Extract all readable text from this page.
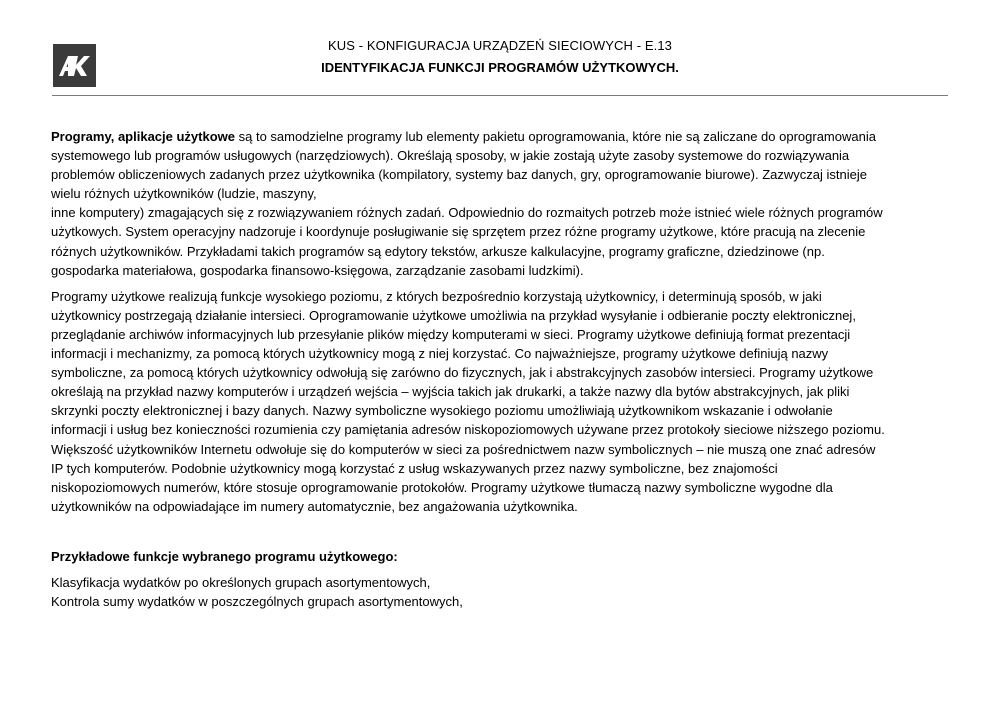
KUS - KONFIGURACJA URZĄDZEŃ SIECIOWYCH - E.13
IDENTYFIKACJA FUNKCJI PROGRAMÓW UŻYTKOWYCH.

Programy, aplikacje użytkowe są to samodzielne programy lub elementy pakietu oprogramowania, które nie są zaliczane do oprogramowania
systemowego lub programów usługowych (narzędziowych). Określają sposoby, w jakie zostają użyte zasoby systemowe do rozwiązywania
problemów obliczeniowych zadanych przez użytkownika (kompilatory, systemy baz danych, gry, oprogramowanie biurowe). Zazwyczaj istnieje
wielu różnych użytkowników (ludzie, maszyny,
inne komputery) zmagających się z rozwiązywaniem różnych zadań. Odpowiednio do rozmaitych potrzeb może istnieć wiele różnych programów
użytkowych. System operacyjny nadzoruje i koordynuje posługiwanie się sprzętem przez różne programy użytkowe, które pracują na zlecenie
różnych użytkowników. Przykładami takich programów są edytory tekstów, arkusze kalkulacyjne, programy graficzne, dziedzinowe (np.
gospodarka materiałowa, gospodarka finansowo-księgowa, zarządzanie zasobami ludzkimi).

Programy użytkowe realizują funkcje wysokiego poziomu, z których bezpośrednio korzystają użytkownicy, i determinują sposób, w jaki
użytkownicy postrzegają działanie intersieci. Oprogramowanie użytkowe umożliwia na przykład wysyłanie i odbieranie poczty elektronicznej,
przeglądanie archiwów informacyjnych lub przesyłanie plików między komputerami w sieci. Programy użytkowe definiują format prezentacji
informacji i mechanizmy, za pomocą których użytkownicy mogą z niej korzystać. Co najważniejsze, programy użytkowe definiują nazwy
symboliczne, za pomocą których użytkownicy odwołują się zarówno do fizycznych, jak i abstrakcyjnych zasobów intersieci. Programy użytkowe
określają na przykład nazwy komputerów i urządzeń wejścia – wyjścia takich jak drukarki, a także nazwy dla bytów abstrakcyjnych, jak pliki
skrzynki poczty elektronicznej i bazy danych. Nazwy symboliczne wysokiego poziomu umożliwiają użytkownikom wskazanie i odwołanie
informacji i usług bez konieczności rozumienia czy pamiętania adresów niskopoziomowych używane przez protokoły sieciowe niższego poziomu.
Większość użytkowników Internetu odwołuje się do komputerów w sieci za pośrednictwem nazw symbolicznych – nie muszą one znać adresów
IP tych komputerów. Podobnie użytkownicy mogą korzystać z usług wskazywanych przez nazwy symboliczne, bez znajomości
niskopoziomowych numerów, które stosuje oprogramowanie protokołów. Programy użytkowe tłumaczą nazwy symboliczne wygodne dla
użytkowników na odpowiadające im numery automatycznie, bez angażowania użytkownika.

Przykładowe funkcje wybranego programu użytkowego:

Klasyfikacja wydatków po określonych grupach asortymentowych,

Kontrola sumy wydatków w poszczególnych grupach asortymentowych,
